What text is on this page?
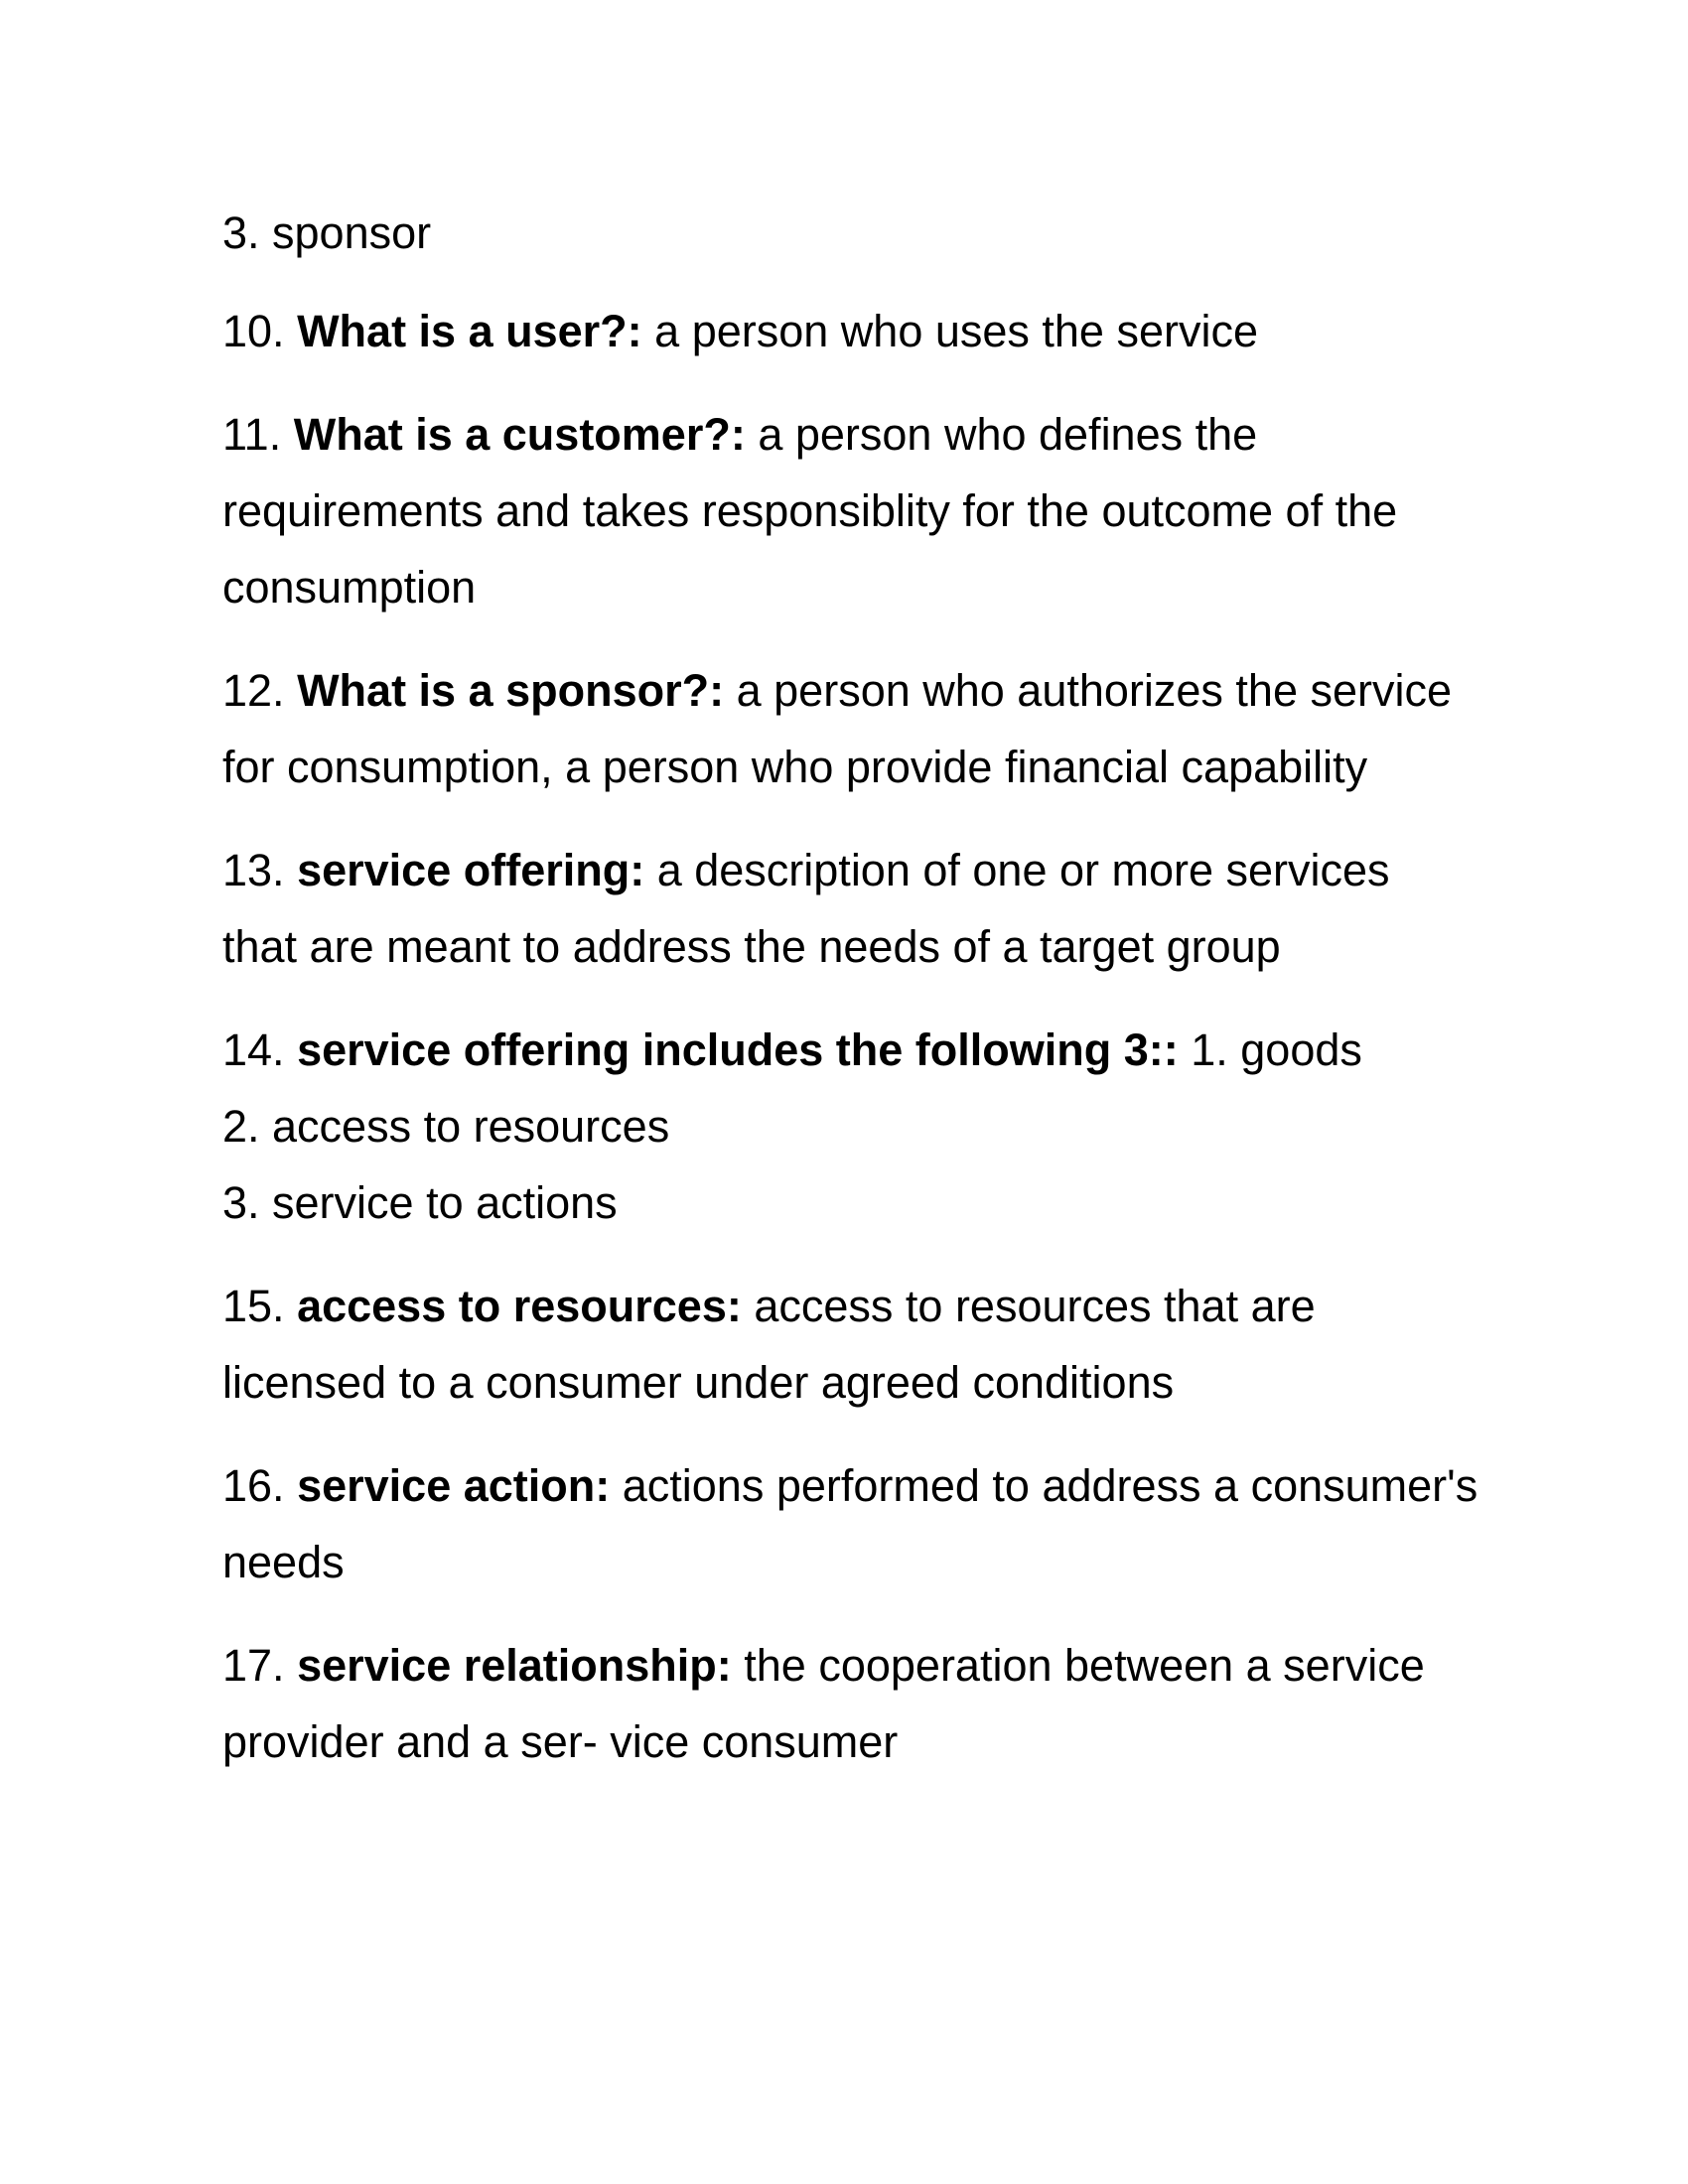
3. sponsor
10. What is a user?: a person who uses the service
11. What is a customer?: a person who defines the
requirements and takes responsiblity for the outcome of the
consumption
12. What is a sponsor?: a person who authorizes the service
for consumption, a person who provide financial capability
13. service offering: a description of one or more services
that are meant to address the needs of a target group
14. service offering includes the following 3:: 1. goods
2. access to resources
3. service to actions
15. access to resources: access to resources that are
licensed to a consumer under agreed conditions
16. service action: actions performed to address a consumer's
needs
17. service relationship: the cooperation between a service
provider and a ser- vice consumer
